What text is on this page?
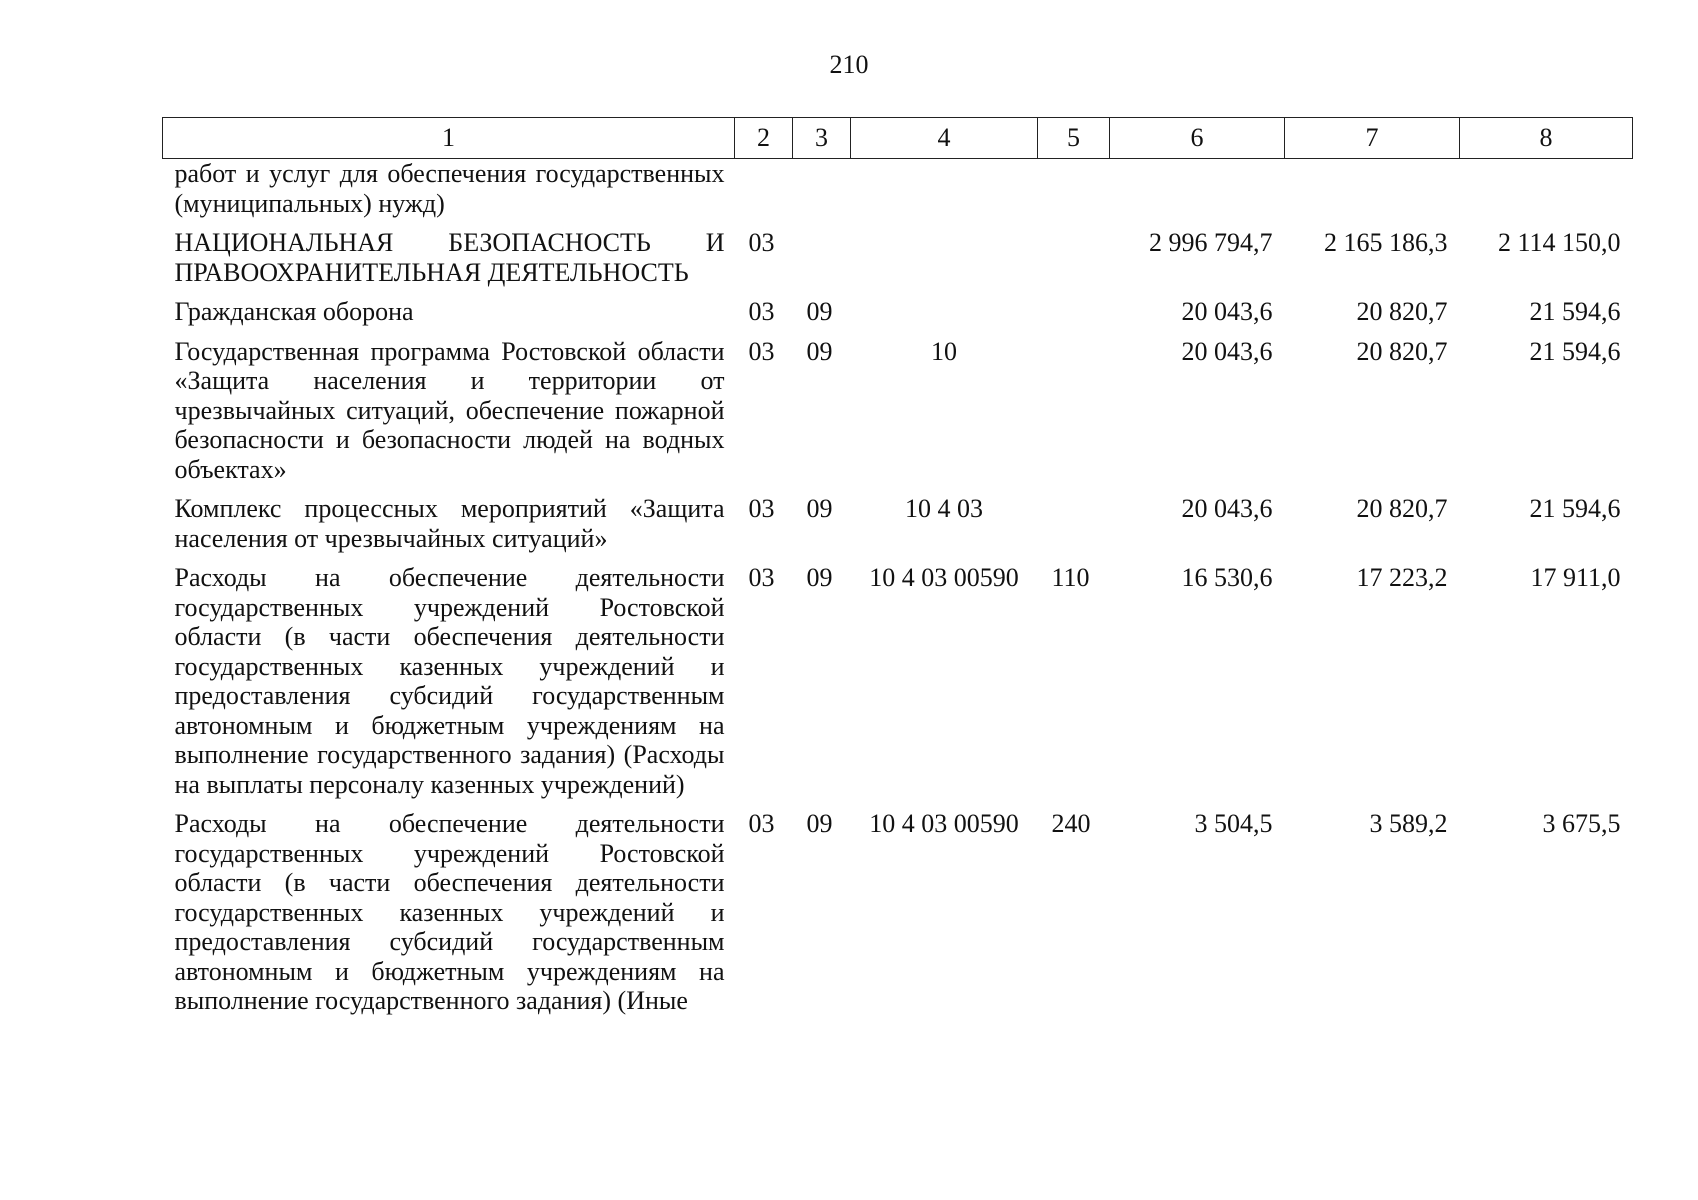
210
1	2	3	4	5	6	7	8

работ и услуг для обеспечения государственных (муниципальных) нужд)							

НАЦИОНАЛЬНАЯ БЕЗОПАСНОСТЬ И ПРАВООХРАНИТЕЛЬНАЯ ДЕЯТЕЛЬНОСТЬ	03				2 996 794,7	2 165 186,3	2 114 150,0

Гражданская оборона	03	09			20 043,6	20 820,7	21 594,6

Государственная программа Ростовской области «Защита населения и территории от чрезвычайных ситуаций, обеспечение пожарной безопасности и безопасности людей на водных объектах»	03	09	10		20 043,6	20 820,7	21 594,6

Комплекс процессных мероприятий «Защита населения от чрезвычайных ситуаций»	03	09	10 4 03		20 043,6	20 820,7	21 594,6

Расходы на обеспечение деятельности государственных учреждений Ростовской области (в части обеспечения деятельности государственных казенных учреждений и предоставления субсидий государственным автономным и бюджетным учреждениям на выполнение государственного задания) (Расходы на выплаты персоналу казенных учреждений)	03	09	10 4 03 00590	110	16 530,6	17 223,2	17 911,0

Расходы на обеспечение деятельности государственных учреждений Ростовской области (в части обеспечения деятельности государственных казенных учреждений и предоставления субсидий государственным автономным и бюджетным учреждениям на выполнение государственного задания) (Иные	03	09	10 4 03 00590	240	3 504,5	3 589,2	3 675,5
